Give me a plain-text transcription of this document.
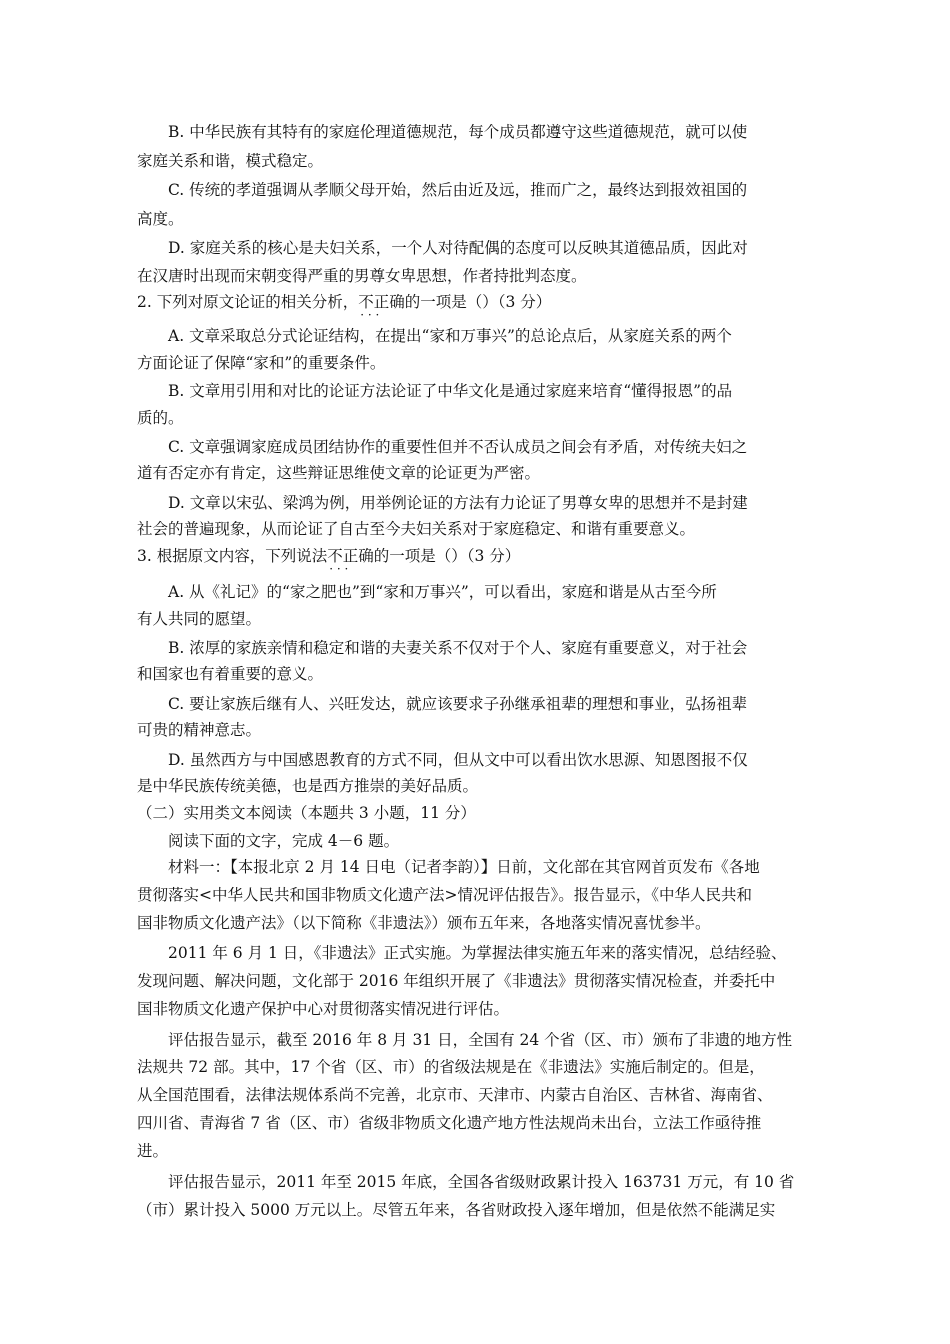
B. 中华民族有其特有的家庭伦理道德规范，每个成员都遵守这些道德规范，就可以使
家庭关系和谐，模式稳定。
C. 传统的孝道强调从孝顺父母开始，然后由近及远，推而广之，最终达到报效祖国的
高度。
D. 家庭关系的核心是夫妇关系，一个人对待配偶的态度可以反映其道德品质，因此对
在汉唐时出现而宋朝变得严重的男尊女卑思想，作者持批判态度。
2. 下列对原文论证的相关分析，不正确 · · ·的一项是（）（3 分）
A. 文章采取总分式论证结构，在提出“家和万事兴”的总论点后，从家庭关系的两个
方面论证了保障“家和”的重要条件。
B. 文章用引用和对比的论证方法论证了中华文化是通过家庭来培育“懂得报恩”的品
质的。
C. 文章强调家庭成员团结协作的重要性但并不否认成员之间会有矛盾，对传统夫妇之
道有否定亦有肯定，这些辩证思维使文章的论证更为严密。
D. 文章以宋弘、梁鸿为例，用举例论证的方法有力论证了男尊女卑的思想并不是封建
社会的普遍现象，从而论证了自古至今夫妇关系对于家庭稳定、和谐有重要意义。
3. 根据原文内容，下列说法不正确 · · ·的一项是（）（3 分）
A. 从《礼记》的“家之肥也”到“家和万事兴”，可以看出，家庭和谐是从古至今所
有人共同的愿望。
B. 浓厚的家族亲情和稳定和谐的夫妻关系不仅对于个人、家庭有重要意义，对于社会
和国家也有着重要的意义。
C. 要让家族后继有人、兴旺发达，就应该要求子孙继承祖辈的理想和事业，弘扬祖辈
可贵的精神意志。
D. 虽然西方与中国感恩教育的方式不同，但从文中可以看出饮水思源、知恩图报不仅
是中华民族传统美德，也是西方推崇的美好品质。
（二）实用类文本阅读（本题共 3 小题，11 分）
阅读下面的文字，完成 4－6 题。
材料一：【本报北京 2 月 14 日电（记者李韵）】日前，文化部在其官网首页发布《各地
贯彻落实<中华人民共和国非物质文化遗产法>情况评估报告》。报告显示，《中华人民共和
国非物质文化遗产法》（以下简称《非遗法》）颁布五年来，各地落实情况喜忧参半。
2011 年 6 月 1 日，《非遗法》正式实施。为掌握法律实施五年来的落实情况，总结经验、
发现问题、解决问题，文化部于 2016 年组织开展了《非遗法》贯彻落实情况检查，并委托中
国非物质文化遗产保护中心对贯彻落实情况进行评估。
评估报告显示，截至 2016 年 8 月 31 日，全国有 24 个省（区、市）颁布了非遗的地方性
法规共 72 部。其中，17 个省（区、市）的省级法规是在《非遗法》实施后制定的。但是，
从全国范围看，法律法规体系尚不完善，北京市、天津市、内蒙古自治区、吉林省、海南省、
四川省、青海省 7 省（区、市）省级非物质文化遗产地方性法规尚未出台，立法工作亟待推
进。
评估报告显示，2011 年至 2015 年底，全国各省级财政累计投入 163731 万元，有 10 省
（市）累计投入 5000 万元以上。尽管五年来，各省财政投入逐年增加，但是依然不能满足实
